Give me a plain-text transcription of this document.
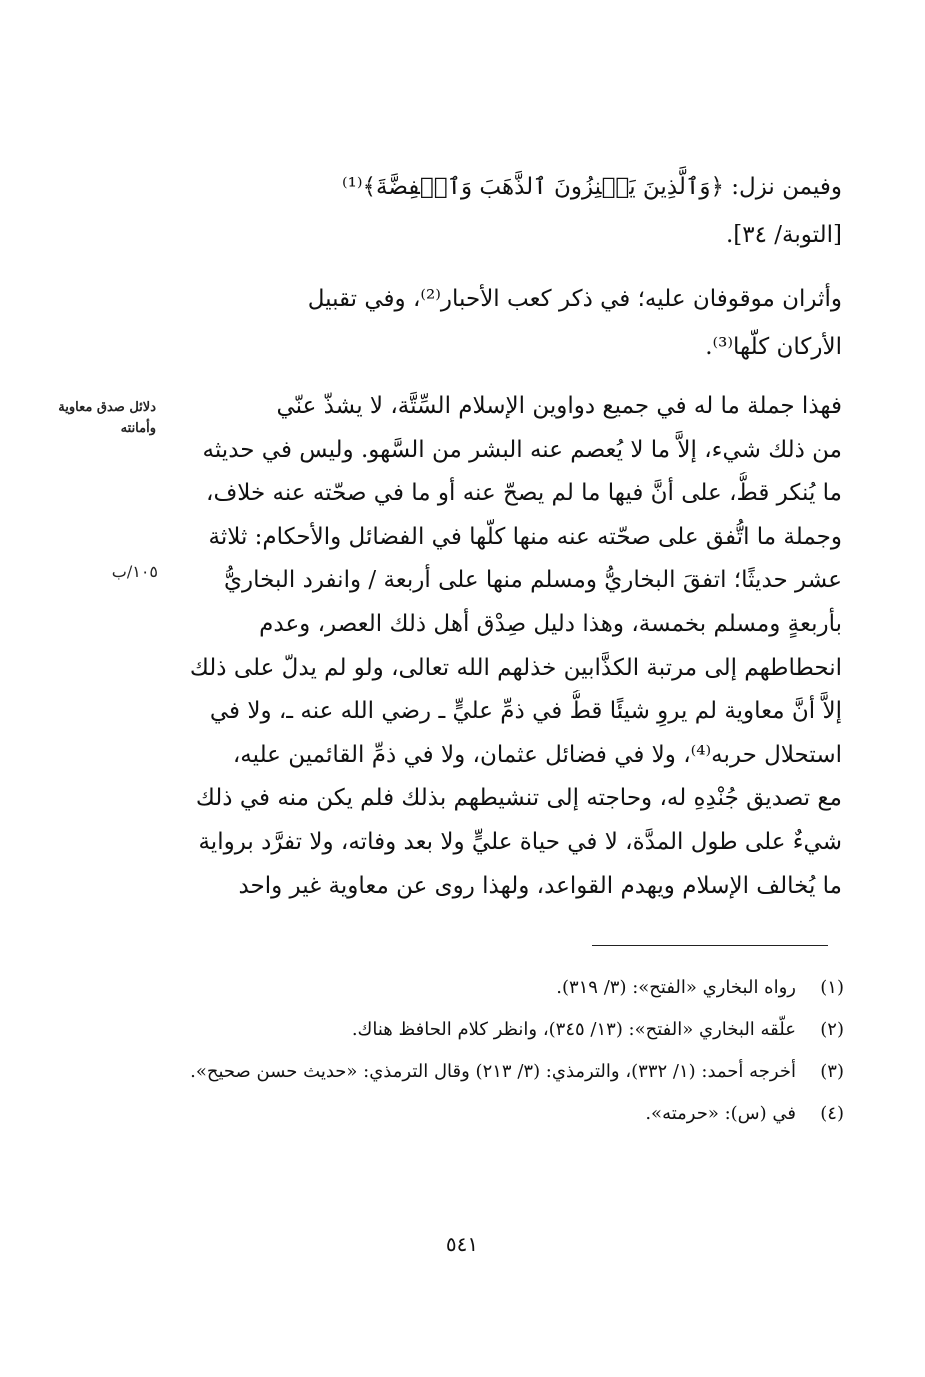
وفيمن نزل: ﴿وَٱلَّذِينَ يَكۡنِزُونَ ٱلذَّهَبَ وَٱلۡفِضَّةَ﴾⁽¹⁾
[التوبة/ ٣٤].
وأثران موقوفان عليه؛ في ذكر كعب الأحبار⁽²⁾، وفي تقبيل
الأركان كلّها⁽³⁾.
فهذا جملة ما له في جميع دواوين الإسلام السِّتَّة، لا يشذّ عنّي
من ذلك شيء، إلاَّ ما لا يُعصم عنه البشر من السَّهو. وليس في حديثه
ما يُنكر قطُّ، على أنَّ فيها ما لم يصحّ عنه أو ما في صحّته عنه خلاف،
وجملة ما اتُّفق على صحّته عنه منها كلّها في الفضائل والأحكام: ثلاثة
عشر حديثًا؛ اتفقَ البخاريُّ ومسلم منها على أربعة / وانفرد البخاريُّ
بأربعةٍ ومسلم بخمسة، وهذا دليل صِدْق أهل ذلك العصر، وعدم
انحطاطهم إلى مرتبة الكذَّابين خذلهم الله تعالى، ولو لم يدلّ على ذلك
إلاَّ أنَّ معاوية لم يروِ شيئًا قطُّ في ذمِّ عليٍّ ـ رضي الله عنه ـ، ولا في
استحلال حربه⁽⁴⁾، ولا في فضائل عثمان، ولا في ذمِّ القائمين عليه،
مع تصديق جُنْدِهِ له، وحاجته إلى تنشيطهم بذلك فلم يكن منه في ذلك
شيءٌ على طول المدَّة، لا في حياة عليٍّ ولا بعد وفاته، ولا تفرَّد برواية
ما يُخالف الإسلام ويهدم القواعد، ولهذا روى عن معاوية غير واحد
دلائل صدق معاوية وأمانته
١٠٥/ب
(١)
رواه البخاري «الفتح»: (٣/ ٣١٩).
(٢)
علّقه البخاري «الفتح»: (١٣/ ٣٤٥)، وانظر كلام الحافظ هناك.
(٣)
أخرجه أحمد: (١/ ٣٣٢)، والترمذي: (٣/ ٢١٣) وقال الترمذي: «حديث حسن صحيح».
(٤)
في (س): «حرمته».
٥٤١
